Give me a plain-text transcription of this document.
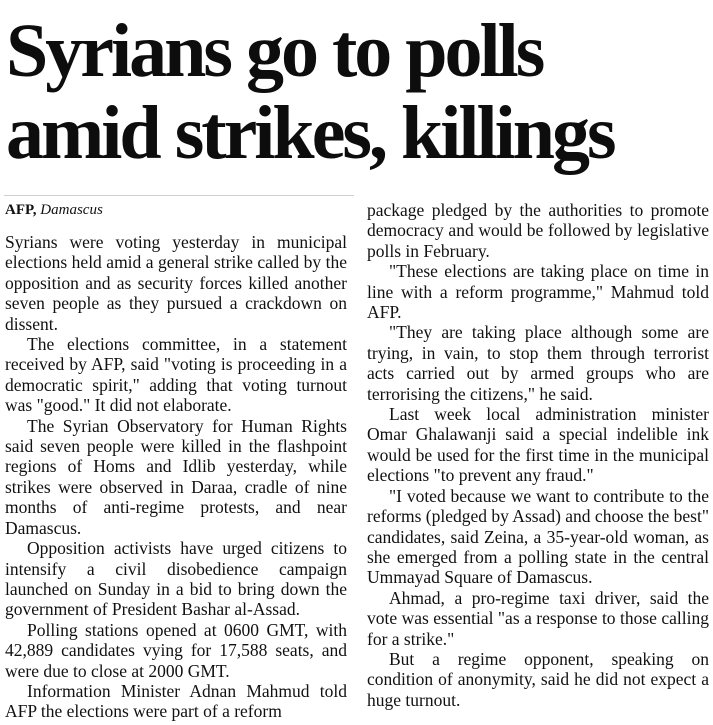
Syrians go to polls
amid strikes, killings
AFP, Damascus

Syrians were voting yesterday in municipal elections held amid a general strike called by the opposition and as security forces killed another seven people as they pursued a crackdown on dissent.

The elections committee, in a statement received by AFP, said "voting is proceeding in a democratic spirit," adding that voting turnout was "good." It did not elaborate.

The Syrian Observatory for Human Rights said seven people were killed in the flashpoint regions of Homs and Idlib yesterday, while strikes were observed in Daraa, cradle of nine months of anti-regime protests, and near Damascus.

Opposition activists have urged citizens to intensify a civil disobedience campaign launched on Sunday in a bid to bring down the government of President Bashar al-Assad.

Polling stations opened at 0600 GMT, with 42,889 candidates vying for 17,588 seats, and were due to close at 2000 GMT.

Information Minister Adnan Mahmud told AFP the elections were part of a reform

package pledged by the authorities to promote democracy and would be followed by legislative polls in February.

"These elections are taking place on time in line with a reform programme," Mahmud told AFP.

"They are taking place although some are trying, in vain, to stop them through terrorist acts carried out by armed groups who are terrorising the citizens," he said.

Last week local administration minister Omar Ghalawanji said a special indelible ink would be used for the first time in the municipal elections "to prevent any fraud."

"I voted because we want to contribute to the reforms (pledged by Assad) and choose the best" candidates, said Zeina, a 35-year-old woman, as she emerged from a polling state in the central Ummayad Square of Damascus.

Ahmad, a pro-regime taxi driver, said the vote was essential "as a response to those calling for a strike."

But a regime opponent, speaking on condition of anonymity, said he did not expect a huge turnout.
